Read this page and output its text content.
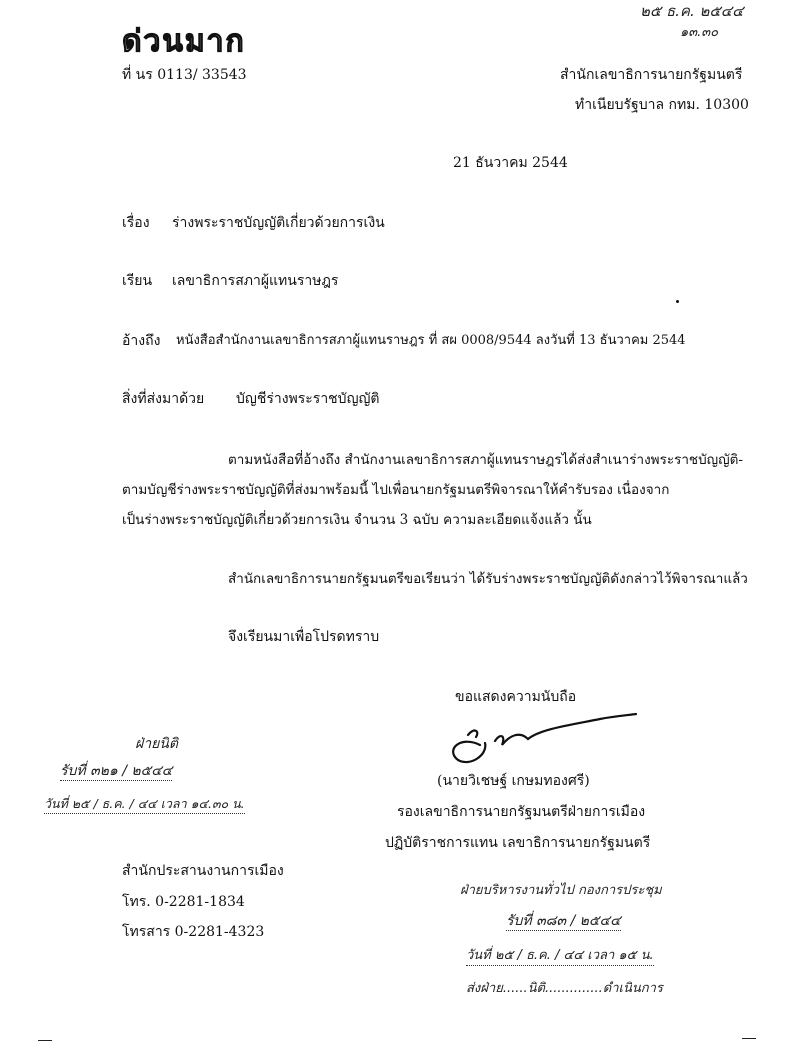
ด่วนมาก
๒๕ ธ.ค. ๒๕๔๔
๑๓.๓๐
ที่ นร 0113/ 33543	สำนักเลขาธิการนายกรัฐมนตรี
ทำเนียบรัฐบาล กทม. 10300
21 ธันวาคม 2544
เรื่อง ร่างพระราชบัญญัติเกี่ยวด้วยการเงิน
เรียน เลขาธิการสภาผู้แทนราษฎร
อ้างถึง หนังสือสำนักงานเลขาธิการสภาผู้แทนราษฎร ที่ สผ 0008/9544 ลงวันที่ 13 ธันวาคม 2544
สิ่งที่ส่งมาด้วย บัญชีร่างพระราชบัญญัติ
ตามหนังสือที่อ้างถึง สำนักงานเลขาธิการสภาผู้แทนราษฎรได้ส่งสำเนาร่างพระราชบัญญัติ-
ตามบัญชีร่างพระราชบัญญัติที่ส่งมาพร้อมนี้ ไปเพื่อนายกรัฐมนตรีพิจารณาให้คำรับรอง เนื่องจาก
เป็นร่างพระราชบัญญัติเกี่ยวด้วยการเงิน จำนวน 3 ฉบับ ความละเอียดแจ้งแล้ว นั้น
สำนักเลขาธิการนายกรัฐมนตรีขอเรียนว่า ได้รับร่างพระราชบัญญัติดังกล่าวไว้พิจารณาแล้ว
จึงเรียนมาเพื่อโปรดทราบ
ขอแสดงความนับถือ
(นายวิเชษฐ์ เกษมทองศรี)
รองเลขาธิการนายกรัฐมนตรีฝ่ายการเมือง
ปฏิบัติราชการแทน เลขาธิการนายกรัฐมนตรี
ฝ่ายนิติ
รับที่ ๓๒๑ / ๒๕๔๔
วันที่ ๒๕ / ธ.ค. / ๔๔ เวลา ๑๔.๓๐ น.
สำนักประสานงานการเมือง
โทร. 0-2281-1834
โทรสาร 0-2281-4323
ฝ่ายบริหารงานทั่วไป กองการประชุม
รับที่ ๓๘๓ / ๒๕๔๔
วันที่ ๒๕ / ธ.ค. / ๔๔ เวลา ๑๕ น.
ส่งฝ่าย......นิติ..............ดำเนินการ
